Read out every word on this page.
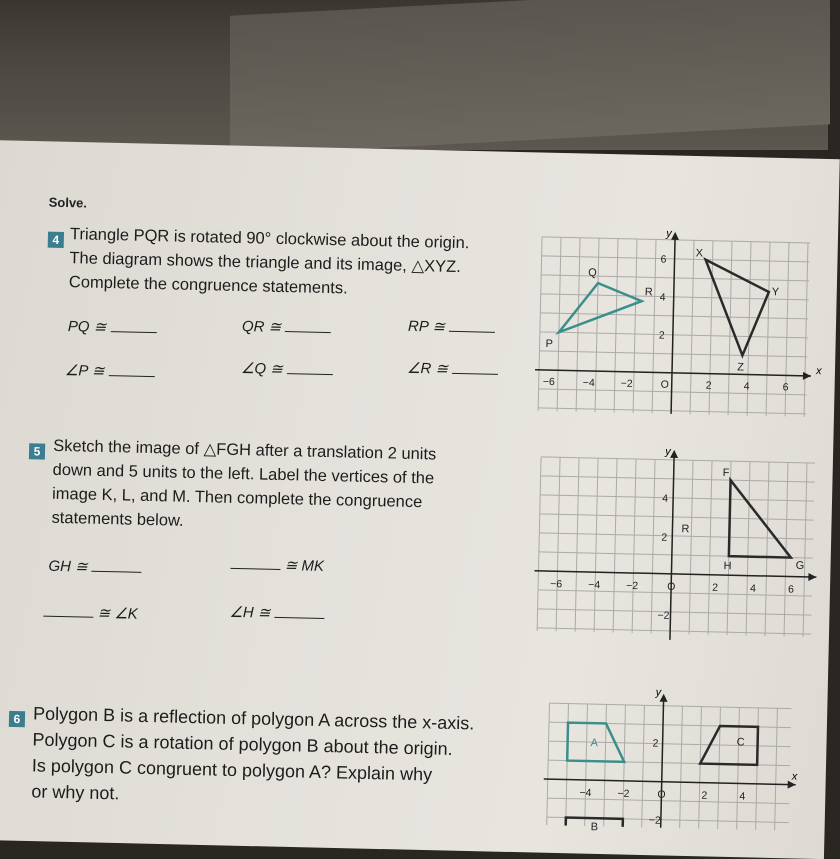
Solve.
4 Triangle PQR is rotated 90° clockwise about the origin.
The diagram shows the triangle and its image, △XYZ.
Complete the congruence statements.
PQ ≅	QR ≅	RP ≅
∠P ≅	∠Q ≅	∠R ≅	x
y
−6	−4 −2	O	2	4	6
6
4
2
Q
R
P
X
Y
Z
5 Sketch the image of △FGH after a translation 2 units
down and 5 units to the left. Label the vertices of the
image K, L, and M. Then complete the congruence
statements below.
GH ≅	≅ MK
≅ ∠K	∠H ≅
y
−6 −4 −2	O	2	4	6
4
2
−2
F
G
H
R
6 Polygon B is a reflection of polygon A across the x-axis.
Polygon C is a rotation of polygon B about the origin.
Is polygon C congruent to polygon A? Explain why
or why not.
y
x
−4 −2	O	2	4
2
−2
A
B
C
